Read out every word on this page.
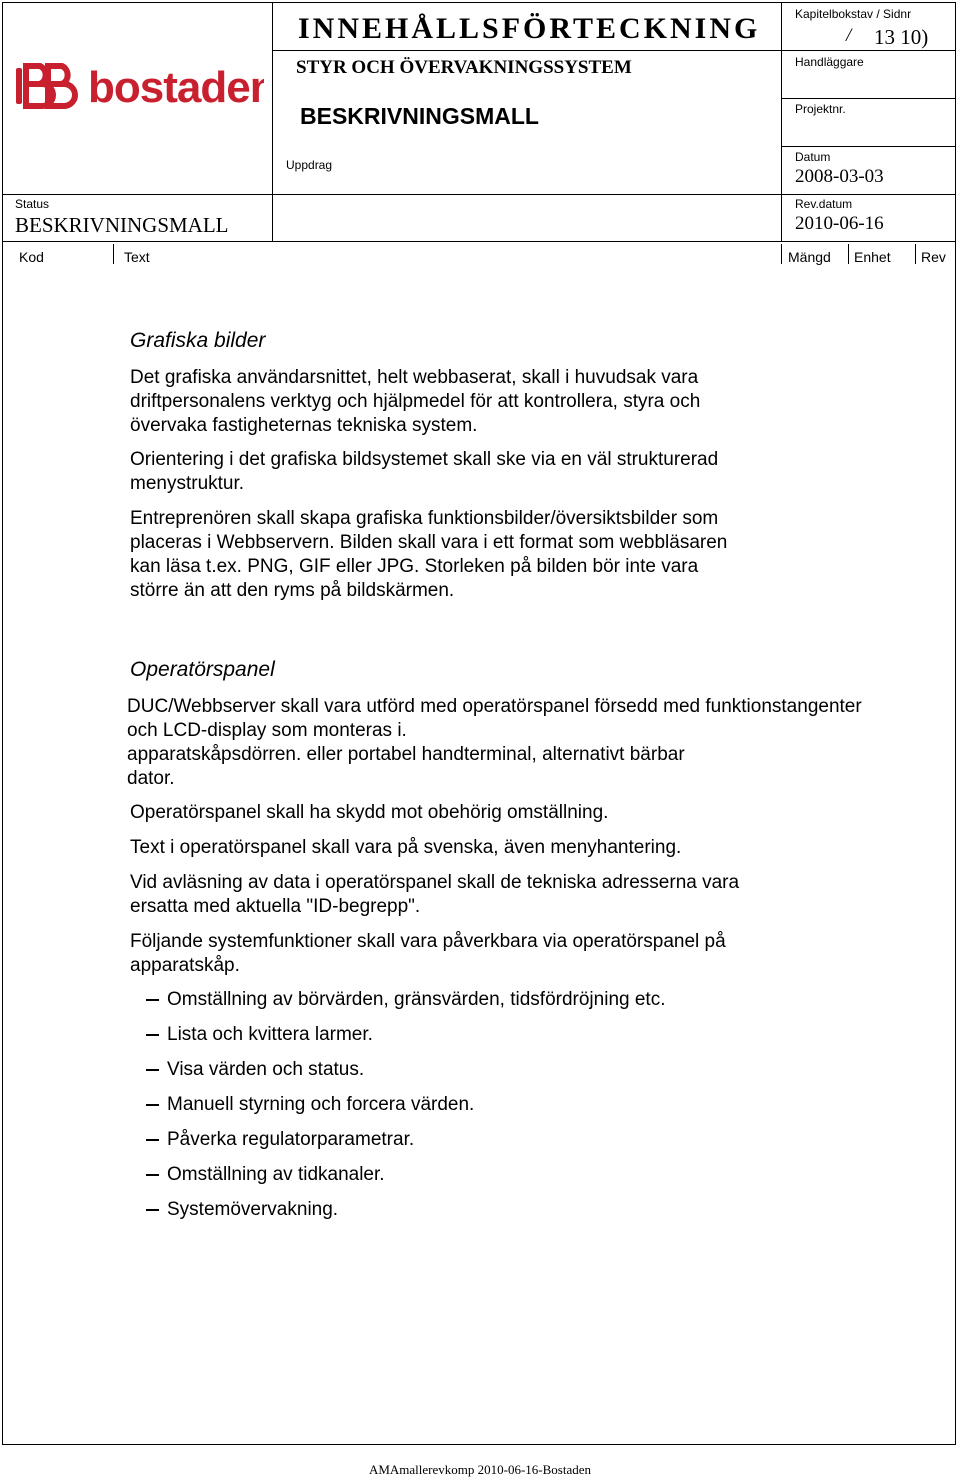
bostaden
INNEHÅLLSFÖRTECKNING
STYR OCH ÖVERVAKNINGSSYSTEM
BESKRIVNINGSMALL
Uppdrag
Status
BESKRIVNINGSMALL
Kapitelbokstav / Sidnr
/ 13 10)
Handläggare
Projektnr.
Datum
2008-03-03
Rev.datum
2010-06-16
Kod	Text	Mängd Enhet Rev
Grafiska bilder
Det grafiska användarsnittet, helt webbaserat, skall i huvudsak vara
driftpersonalens verktyg och hjälpmedel för att kontrollera, styra och
övervaka fastigheternas tekniska system.
Orientering i det grafiska bildsystemet skall ske via en väl strukturerad
menystruktur.
Entreprenören skall skapa grafiska funktionsbilder/översiktsbilder som
placeras i Webbservern. Bilden skall vara i ett format som webbläsaren
kan läsa t.ex. PNG, GIF eller JPG. Storleken på bilden bör inte vara
större än att den ryms på bildskärmen.
Operatörspanel
DUC/Webbserver skall vara utförd med operatörspanel försedd med funktionstangenter
och LCD-display som monteras i.
apparatskåpsdörren. eller portabel handterminal, alternativt bärbar
dator.
Operatörspanel skall ha skydd mot obehörig omställning.
Text i operatörspanel skall vara på svenska, även menyhantering.
Vid avläsning av data i operatörspanel skall de tekniska adresserna vara
ersatta med aktuella "ID-begrepp".
Följande systemfunktioner skall vara påverkbara via operatörspanel på
apparatskåp.
Omställning av börvärden, gränsvärden, tidsfördröjning etc.
Lista och kvittera larmer.
Visa värden och status.
Manuell styrning och forcera värden.
Påverka regulatorparametrar.
Omställning av tidkanaler.
Systemövervakning.
AMAmallerevkomp 2010-06-16-Bostaden
